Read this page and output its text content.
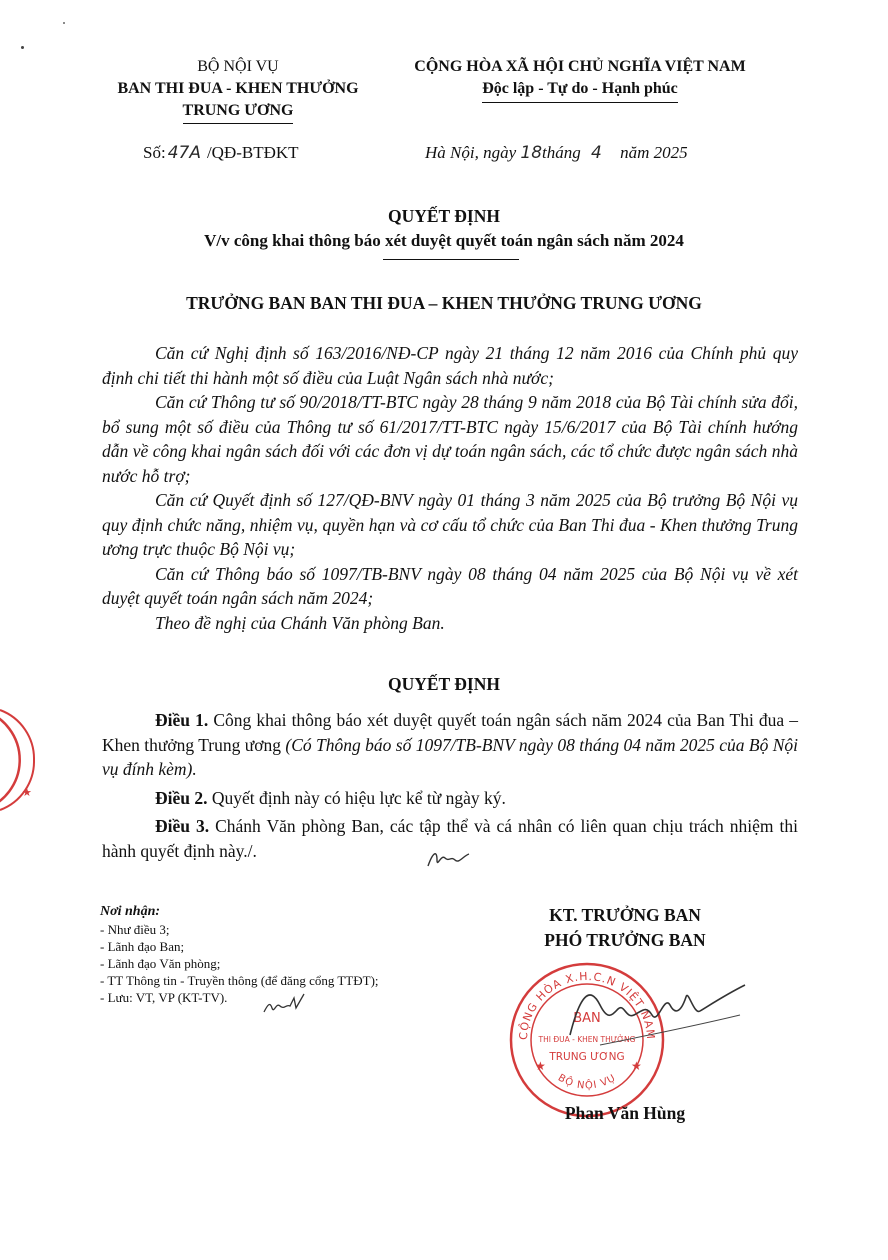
BỘ NỘI VỤ
BAN THI ĐUA - KHEN THƯỞNG
TRUNG ƯƠNG
CỘNG HÒA XÃ HỘI CHỦ NGHĨA VIỆT NAM
Độc lập - Tự do - Hạnh phúc
Số: 47A /QĐ-BTĐKT	Hà Nội, ngày 18tháng 4 năm 2025
QUYẾT ĐỊNH
V/v công khai thông báo xét duyệt quyết toán ngân sách năm 2024
TRƯỞNG BAN BAN THI ĐUA – KHEN THƯỞNG TRUNG ƯƠNG

Căn cứ Nghị định số 163/2016/NĐ-CP ngày 21 tháng 12 năm 2016 của Chính phủ quy định chi tiết thi hành một số điều của Luật Ngân sách nhà nước;

Căn cứ Thông tư số 90/2018/TT-BTC ngày 28 tháng 9 năm 2018 của Bộ Tài chính sửa đổi, bổ sung một số điều của Thông tư số 61/2017/TT-BTC ngày 15/6/2017 của Bộ Tài chính hướng dẫn về công khai ngân sách đối với các đơn vị dự toán ngân sách, các tổ chức được ngân sách nhà nước hỗ trợ;

Căn cứ Quyết định số 127/QĐ-BNV ngày 01 tháng 3 năm 2025 của Bộ trưởng Bộ Nội vụ quy định chức năng, nhiệm vụ, quyền hạn và cơ cấu tổ chức của Ban Thi đua - Khen thưởng Trung ương trực thuộc Bộ Nội vụ;

Căn cứ Thông báo số 1097/TB-BNV ngày 08 tháng 04 năm 2025 của Bộ Nội vụ về xét duyệt quyết toán ngân sách năm 2024;

Theo đề nghị của Chánh Văn phòng Ban.

QUYẾT ĐỊNH

Điều 1. Công khai thông báo xét duyệt quyết toán ngân sách năm 2024 của Ban Thi đua – Khen thưởng Trung ương (Có Thông báo số 1097/TB-BNV ngày 08 tháng 04 năm 2025 của Bộ Nội vụ đính kèm).

Điều 2. Quyết định này có hiệu lực kể từ ngày ký.

Điều 3. Chánh Văn phòng Ban, các tập thể và cá nhân có liên quan chịu trách nhiệm thi hành quyết định này./.

Nơi nhận:
- Như điều 3;
- Lãnh đạo Ban;
- Lãnh đạo Văn phòng;
- TT Thông tin - Truyền thông (để đăng cổng TTĐT);
- Lưu: VT, VP (KT-TV).
KT. TRƯỞNG BAN
PHÓ TRƯỞNG BAN
CỘNG HÒA X.H.C.N VIỆT NAM
BỘ NỘI VỤ
★	★
BAN
THI ĐUA - KHEN THƯỞNG
TRUNG ƯƠNG
Phan Văn Hùng
★
